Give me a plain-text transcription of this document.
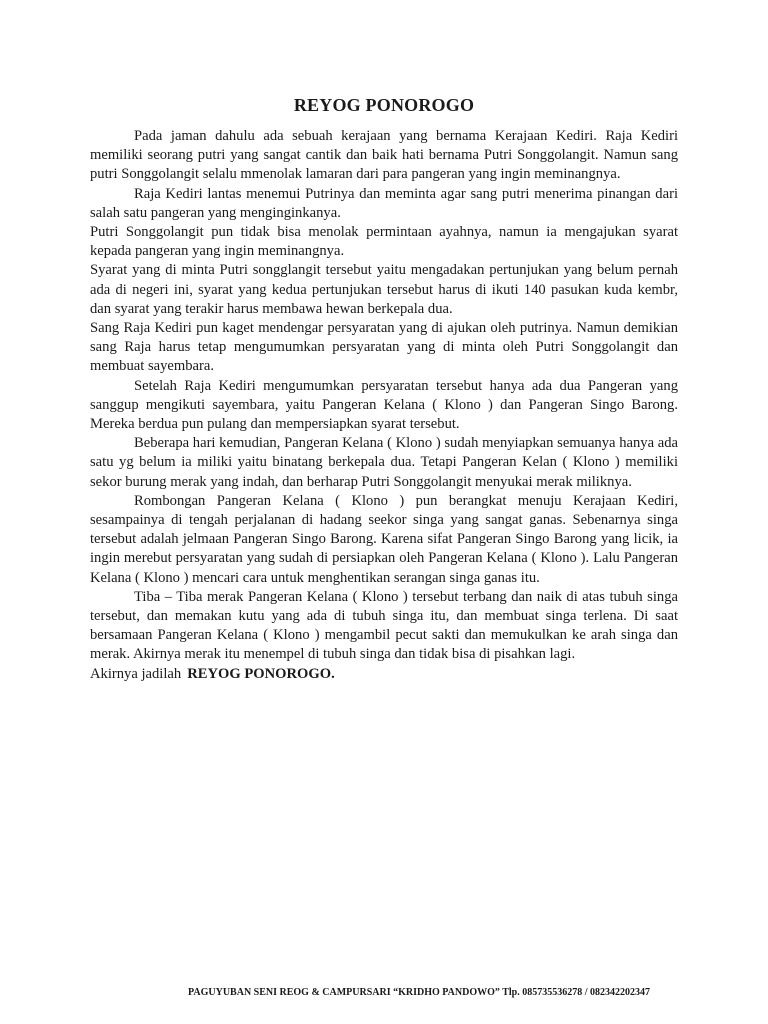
REYOG PONOROGO

Pada jaman dahulu ada sebuah kerajaan yang bernama Kerajaan Kediri. Raja Kediri memiliki seorang putri yang sangat cantik dan baik hati bernama Putri Songgolangit. Namun sang putri Songgolangit selalu mmenolak lamaran dari para pangeran yang ingin meminangnya.

Raja Kediri lantas menemui Putrinya dan meminta agar sang putri menerima pinangan dari salah satu pangeran yang menginginkanya.

Putri Songgolangit pun tidak bisa menolak permintaan ayahnya, namun ia mengajukan syarat kepada pangeran yang ingin meminangnya.

Syarat yang di minta Putri songglangit tersebut yaitu mengadakan pertunjukan yang belum pernah ada di negeri ini, syarat yang kedua pertunjukan tersebut harus di ikuti 140 pasukan kuda kembr, dan syarat yang terakir harus membawa hewan berkepala dua.

Sang Raja Kediri pun kaget mendengar persyaratan yang di ajukan oleh putrinya. Namun demikian sang Raja harus tetap mengumumkan persyaratan yang di minta oleh Putri Songgolangit dan membuat sayembara.

Setelah Raja Kediri mengumumkan persyaratan tersebut hanya ada dua Pangeran yang sanggup mengikuti sayembara, yaitu Pangeran Kelana ( Klono ) dan Pangeran Singo Barong. Mereka berdua pun pulang dan mempersiapkan syarat tersebut.

Beberapa hari kemudian, Pangeran Kelana ( Klono ) sudah menyiapkan semuanya hanya ada satu yg belum ia miliki yaitu binatang berkepala dua. Tetapi Pangeran Kelan ( Klono ) memiliki sekor burung merak yang indah, dan berharap Putri Songgolangit menyukai merak miliknya.

Rombongan Pangeran Kelana ( Klono ) pun berangkat menuju Kerajaan Kediri, sesampainya di tengah perjalanan di hadang seekor singa yang sangat ganas. Sebenarnya singa tersebut adalah jelmaan Pangeran Singo Barong. Karena sifat Pangeran Singo Barong yang licik, ia ingin merebut persyaratan yang sudah di persiapkan oleh Pangeran Kelana ( Klono ). Lalu Pangeran Kelana ( Klono ) mencari cara untuk menghentikan serangan singa ganas itu.

Tiba – Tiba merak Pangeran Kelana ( Klono ) tersebut terbang dan naik di atas tubuh singa tersebut, dan memakan kutu yang ada di tubuh singa itu, dan membuat singa terlena. Di saat bersamaan Pangeran Kelana ( Klono ) mengambil pecut sakti dan memukulkan ke arah singa dan merak. Akirnya merak itu menempel di tubuh singa dan tidak bisa di pisahkan lagi.

Akirnya jadilah REYOG PONOROGO.

PAGUYUBAN SENI REOG & CAMPURSARI “KRIDHO PANDOWO” Tlp. 085735536278 / 082342202347
